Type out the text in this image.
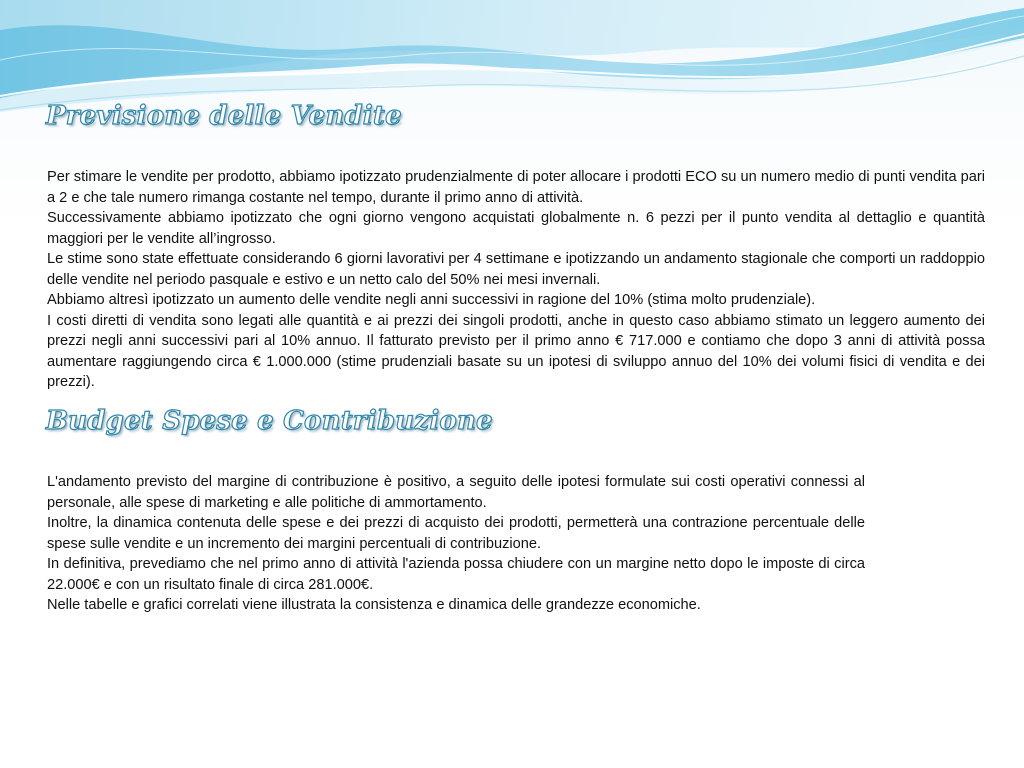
Previsione delle Vendite

Per stimare le vendite per prodotto, abbiamo ipotizzato prudenzialmente di poter allocare i prodotti ECO su un numero medio di punti vendita pari a 2 e che tale numero rimanga costante nel tempo, durante il primo anno di attività.

Successivamente abbiamo ipotizzato che ogni giorno vengono acquistati globalmente n. 6 pezzi per il punto vendita al dettaglio e quantità maggiori per le vendite all’ingrosso.

Le stime sono state effettuate considerando 6 giorni lavorativi per 4 settimane e ipotizzando un andamento stagionale che comporti un raddoppio delle vendite nel periodo pasquale e estivo e un netto calo del 50% nei mesi invernali.

Abbiamo altresì ipotizzato un aumento delle vendite negli anni successivi in ragione del 10% (stima molto prudenziale).

I costi diretti di vendita sono legati alle quantità e ai prezzi dei singoli prodotti, anche in questo caso abbiamo stimato un leggero aumento dei prezzi negli anni successivi pari al 10% annuo. Il fatturato previsto per il primo anno € 717.000 e contiamo che dopo 3 anni di attività possa aumentare raggiungendo circa € 1.000.000 (stime prudenziali basate su un ipotesi di sviluppo annuo del 10% dei volumi fisici di vendita e dei prezzi).

Budget Spese e Contribuzione

L'andamento previsto del margine di contribuzione è positivo, a seguito delle ipotesi formulate sui costi operativi connessi al personale, alle spese di marketing e alle politiche di ammortamento.

Inoltre, la dinamica contenuta delle spese e dei prezzi di acquisto dei prodotti, permetterà una contrazione percentuale delle spese sulle vendite e un incremento dei margini percentuali di contribuzione.

In definitiva, prevediamo che nel primo anno di attività l'azienda possa chiudere con un margine netto dopo le imposte di circa 22.000€ e con un risultato finale di circa 281.000€.

Nelle tabelle e grafici correlati viene illustrata la consistenza e dinamica delle grandezze economiche.
